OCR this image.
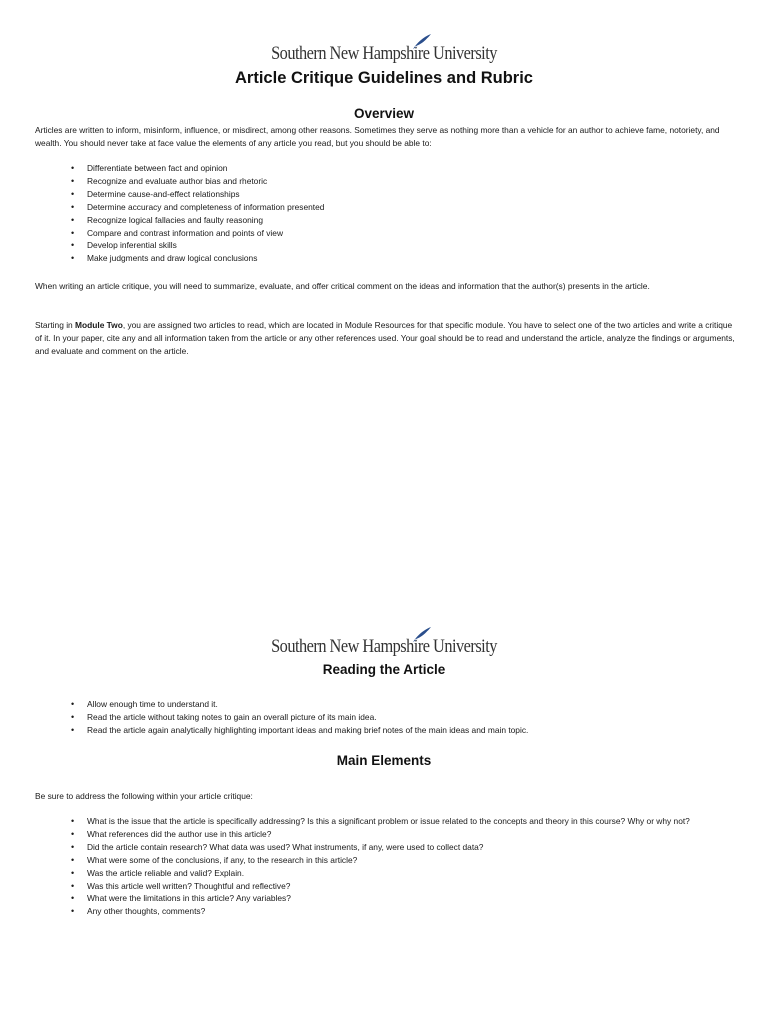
Southern New Hampshire University
Article Critique Guidelines and Rubric
Overview
Articles are written to inform, misinform, influence, or misdirect, among other reasons. Sometimes they serve as nothing more than a vehicle for an author to achieve fame, notoriety, and wealth. You should never take at face value the elements of any article you read, but you should be able to:
• Differentiate between fact and opinion
• Recognize and evaluate author bias and rhetoric
• Determine cause-and-effect relationships
• Determine accuracy and completeness of information presented
• Recognize logical fallacies and faulty reasoning
• Compare and contrast information and points of view
• Develop inferential skills
• Make judgments and draw logical conclusions
When writing an article critique, you will need to summarize, evaluate, and offer critical comment on the ideas and information that the author(s) presents in the article.
Starting in Module Two, you are assigned two articles to read, which are located in Module Resources for that specific module. You have to select one of the two articles and write a critique of it. In your paper, cite any and all information taken from the article or any other references used. Your goal should be to read and understand the article, analyze the findings or arguments, and evaluate and comment on the article.
Southern New Hampshire University
Reading the Article
• Allow enough time to understand it.
• Read the article without taking notes to gain an overall picture of its main idea.
• Read the article again analytically highlighting important ideas and making brief notes of the main ideas and main topic.
Main Elements
Be sure to address the following within your article critique:
• What is the issue that the article is specifically addressing? Is this a significant problem or issue related to the concepts and theory in this course? Why or why not?
• What references did the author use in this article?
• Did the article contain research? What data was used? What instruments, if any, were used to collect data?
• What were some of the conclusions, if any, to the research in this article?
• Was the article reliable and valid? Explain.
• Was this article well written? Thoughtful and reflective?
• What were the limitations in this article? Any variables?
• Any other thoughts, comments?
